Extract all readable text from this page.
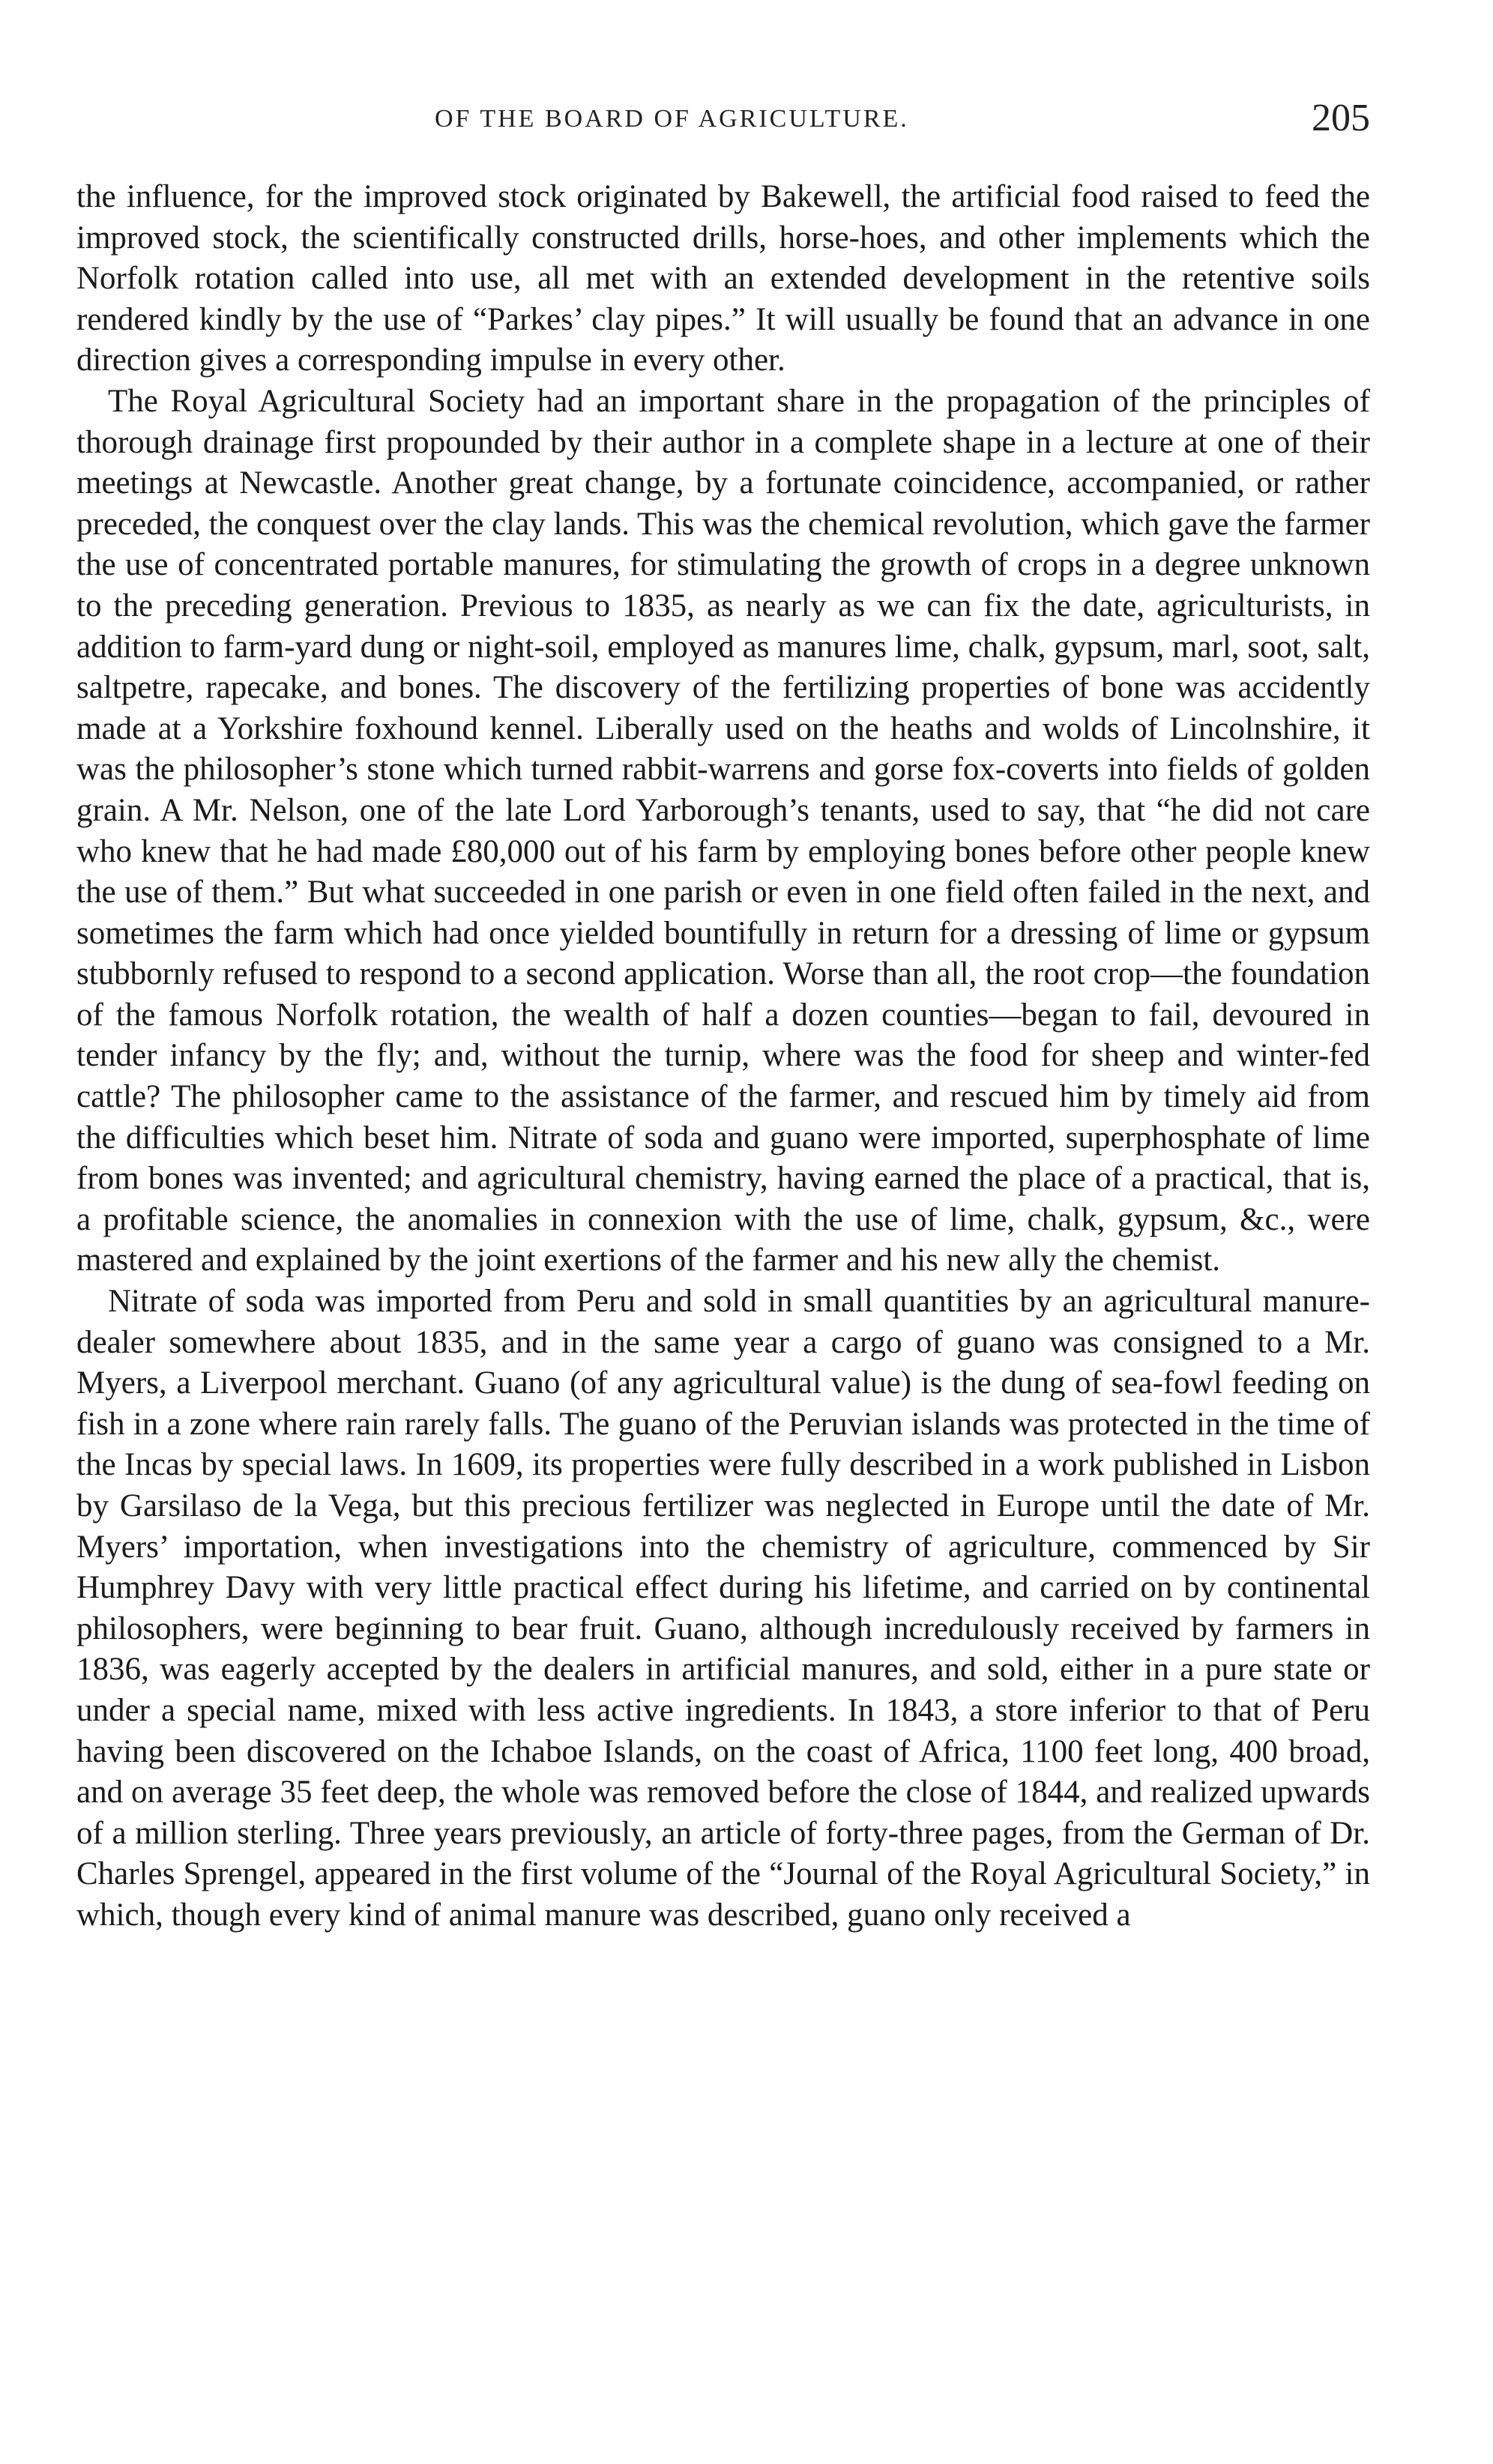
OF THE BOARD OF AGRICULTURE.	205

the influence, for the improved stock originated by Bakewell, the artificial food raised to feed the improved stock, the scientifically constructed drills, horse-hoes, and other implements which the Norfolk rotation called into use, all met with an extended development in the retentive soils rendered kindly by the use of “Parkes’ clay pipes.” It will usually be found that an advance in one direction gives a corresponding impulse in every other.

The Royal Agricultural Society had an important share in the propagation of the principles of thorough drainage first propounded by their author in a complete shape in a lecture at one of their meetings at Newcastle. Another great change, by a fortunate coincidence, accompanied, or rather preceded, the conquest over the clay lands. This was the chemical revolution, which gave the farmer the use of concentrated portable manures, for stimulating the growth of crops in a degree unknown to the preceding generation. Previous to 1835, as nearly as we can fix the date, agriculturists, in addition to farm-yard dung or night-soil, employed as manures lime, chalk, gypsum, marl, soot, salt, saltpetre, rapecake, and bones. The discovery of the fertilizing properties of bone was accidently made at a Yorkshire foxhound kennel. Liberally used on the heaths and wolds of Lincolnshire, it was the philosopher’s stone which turned rabbit-warrens and gorse fox-coverts into fields of golden grain. A Mr. Nelson, one of the late Lord Yarborough’s tenants, used to say, that “he did not care who knew that he had made £80,000 out of his farm by employing bones before other people knew the use of them.” But what succeeded in one parish or even in one field often failed in the next, and sometimes the farm which had once yielded bountifully in return for a dressing of lime or gypsum stubbornly refused to respond to a second application. Worse than all, the root crop—the foundation of the famous Norfolk rotation, the wealth of half a dozen counties—began to fail, devoured in tender infancy by the fly; and, without the turnip, where was the food for sheep and winter-fed cattle? The philosopher came to the assistance of the farmer, and rescued him by timely aid from the difficulties which beset him. Nitrate of soda and guano were imported, superphosphate of lime from bones was invented; and agricultural chemistry, having earned the place of a practical, that is, a profitable science, the anomalies in connexion with the use of lime, chalk, gypsum, &c., were mastered and explained by the joint exertions of the farmer and his new ally the chemist.

Nitrate of soda was imported from Peru and sold in small quantities by an agricultural manure-dealer somewhere about 1835, and in the same year a cargo of guano was consigned to a Mr. Myers, a Liverpool merchant. Guano (of any agricultural value) is the dung of sea-fowl feeding on fish in a zone where rain rarely falls. The guano of the Peruvian islands was protected in the time of the Incas by special laws. In 1609, its properties were fully described in a work published in Lisbon by Garsilaso de la Vega, but this precious fertilizer was neglected in Europe until the date of Mr. Myers’ importation, when investigations into the chemistry of agriculture, commenced by Sir Humphrey Davy with very little practical effect during his lifetime, and carried on by continental philosophers, were beginning to bear fruit. Guano, although incredulously received by farmers in 1836, was eagerly accepted by the dealers in artificial manures, and sold, either in a pure state or under a special name, mixed with less active ingredients. In 1843, a store inferior to that of Peru having been discovered on the Ichaboe Islands, on the coast of Africa, 1100 feet long, 400 broad, and on average 35 feet deep, the whole was removed before the close of 1844, and realized upwards of a million sterling. Three years previously, an article of forty-three pages, from the German of Dr. Charles Sprengel, appeared in the first volume of the “Journal of the Royal Agricultural Society,” in which, though every kind of animal manure was described, guano only received a
